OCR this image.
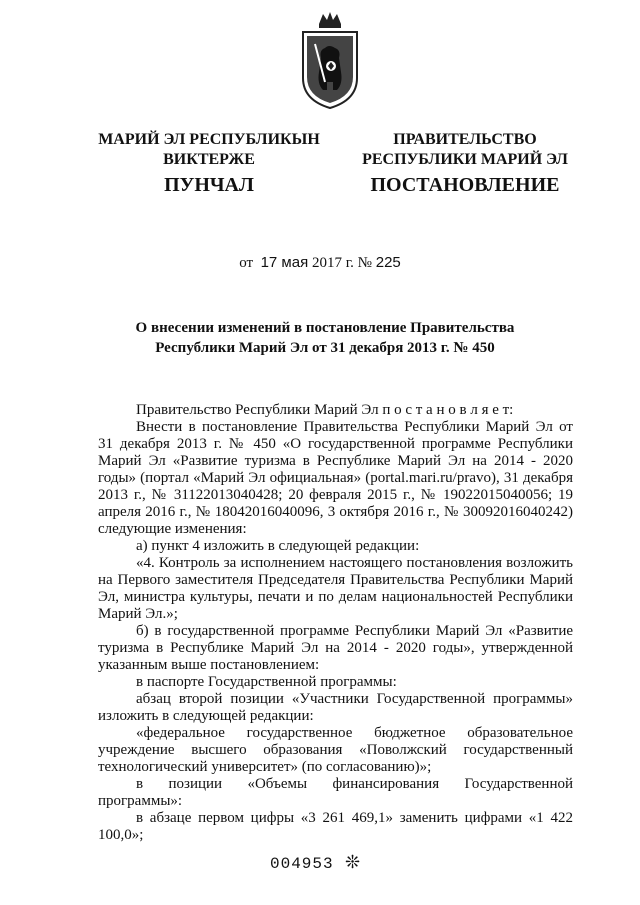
МАРИЙ ЭЛ РЕСПУБЛИКЫН
ВИКТЕРЖЕ
ПРАВИТЕЛЬСТВО
РЕСПУБЛИКИ МАРИЙ ЭЛ
ПУНЧАЛ	ПОСТАНОВЛЕНИЕ
от 17 мая 2017 г. № 225
О внесении изменений в постановление Правительства
Республики Марий Эл от 31 декабря 2013 г. № 450

Правительство Республики Марий Эл п о с т а н о в л я е т:

Внести в постановление Правительства Республики Марий Эл от 31 декабря 2013 г. № 450 «О государственной программе Республики Марий Эл «Развитие туризма в Республике Марий Эл на 2014 - 2020 годы» (портал «Марий Эл официальная» (portal.mari.ru/pravo), 31 декабря 2013 г., № 31122013040428; 20 февраля 2015 г., № 19022015040056; 19 апреля 2016 г., № 18042016040096, 3 октября 2016 г., № 30092016040242) следующие изменения:

а) пункт 4 изложить в следующей редакции:

«4. Контроль за исполнением настоящего постановления возложить на Первого заместителя Председателя Правительства Республики Марий Эл, министра культуры, печати и по делам национальностей Республики Марий Эл.»;

б) в государственной программе Республики Марий Эл «Развитие туризма в Республике Марий Эл на 2014 - 2020 годы», утвержденной указанным выше постановлением:

в паспорте Государственной программы:

абзац второй позиции «Участники Государственной программы» изложить в следующей редакции:

«федеральное государственное бюджетное образовательное учреждение высшего образования «Поволжский государственный технологический университет» (по согласованию)»;

в позиции «Объемы финансирования Государственной программы»:

в абзаце первом цифры «3 261 469,1» заменить цифрами «1 422 100,0»;

004953 ❊
